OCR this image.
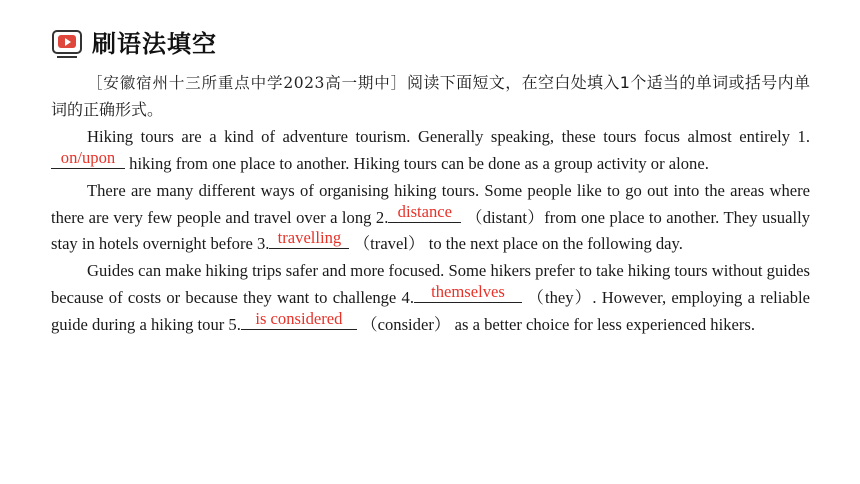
刷语法填空

［安徽宿州十三所重点中学2023高一期中］阅读下面短文，在空白处填入1个适当的单词或括号内单词的正确形式。

Hiking tours are a kind of adventure tourism. Generally speaking, these tours focus almost entirely 1.
on/upon hiking from one place to another. Hiking tours can be done as a group activity or alone.

There are many different ways of organising hiking tours. Some people like to go out into the areas where there are very few people and travel over a long 2. distance （distant）from one place to another. They usually stay in hotels overnight before 3. travelling （travel） to the next place on the following day.

Guides can make hiking trips safer and more focused. Some hikers prefer to take hiking tours without guides because of costs or because they want to challenge 4.	themselves	（they）. However, employing a reliable guide during a hiking tour 5. is considered （consider） as a better choice for less experienced hikers.
